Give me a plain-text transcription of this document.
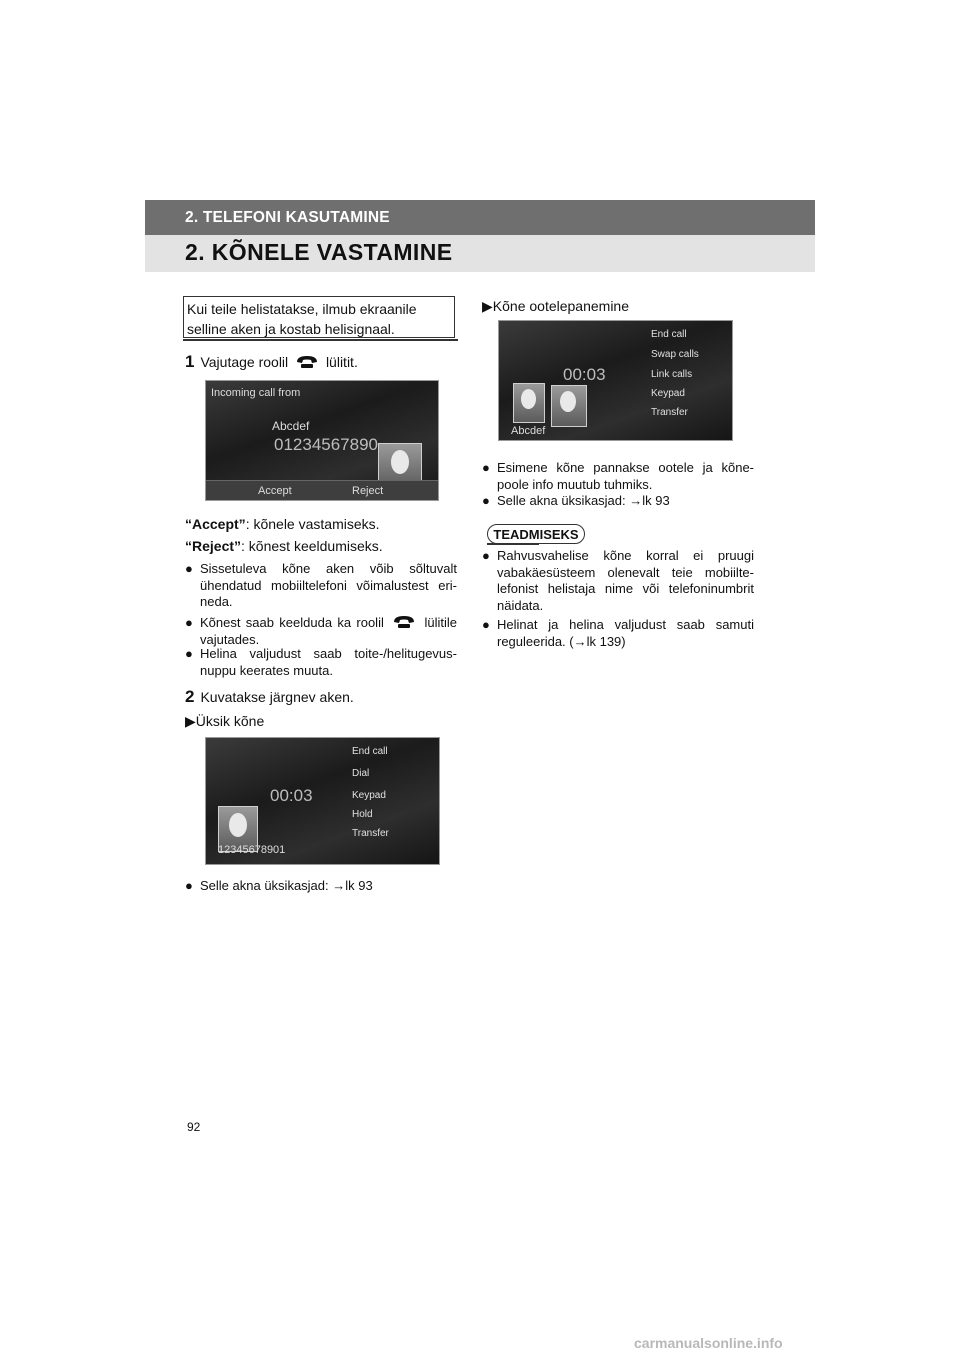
2. TELEFONI KASUTAMINE
2. KÕNELE VASTAMINE
Kui teile helistatakse, ilmub ekraanile selline aken ja kostab helisignaal.
1 Vajutage roolil	lülitit.
Incoming call from
Abcdef
01234567890
Accept	Reject
“Accept”: kõnele vastamiseks.
“Reject”: kõnest keeldumiseks.
● Sissetuleva kõne aken võib sõltuvalt ühendatud mobiiltelefoni võimalustest eri-neda.
● Kõnest saab keelduda ka roolil	lülitile vajutades.
● Helina valjudust saab toite-/helitugevus-nuppu keerates muuta.
2 Kuvatakse järgnev aken.
▶Üksik kõne
00:03
12345678901
End call
Dial
Keypad
Hold
Transfer
● Selle akna üksikasjad: →lk 93
▶Kõne ootelepanemine
00:03
Abcdef
End call
Swap calls
Link calls
Keypad
Transfer
● Esimene kõne pannakse ootele ja kõne-poole info muutub tuhmiks.
● Selle akna üksikasjad: →lk 93
TEADMISEKS
● Rahvusvahelise kõne korral ei pruugi vabakäesüsteem olenevalt teie mobiilte-lefonist helistaja nime või telefoninumbrit näidata.
● Helinat ja helina valjudust saab samuti reguleerida. (→lk 139)
92
carmanualsonline.info
